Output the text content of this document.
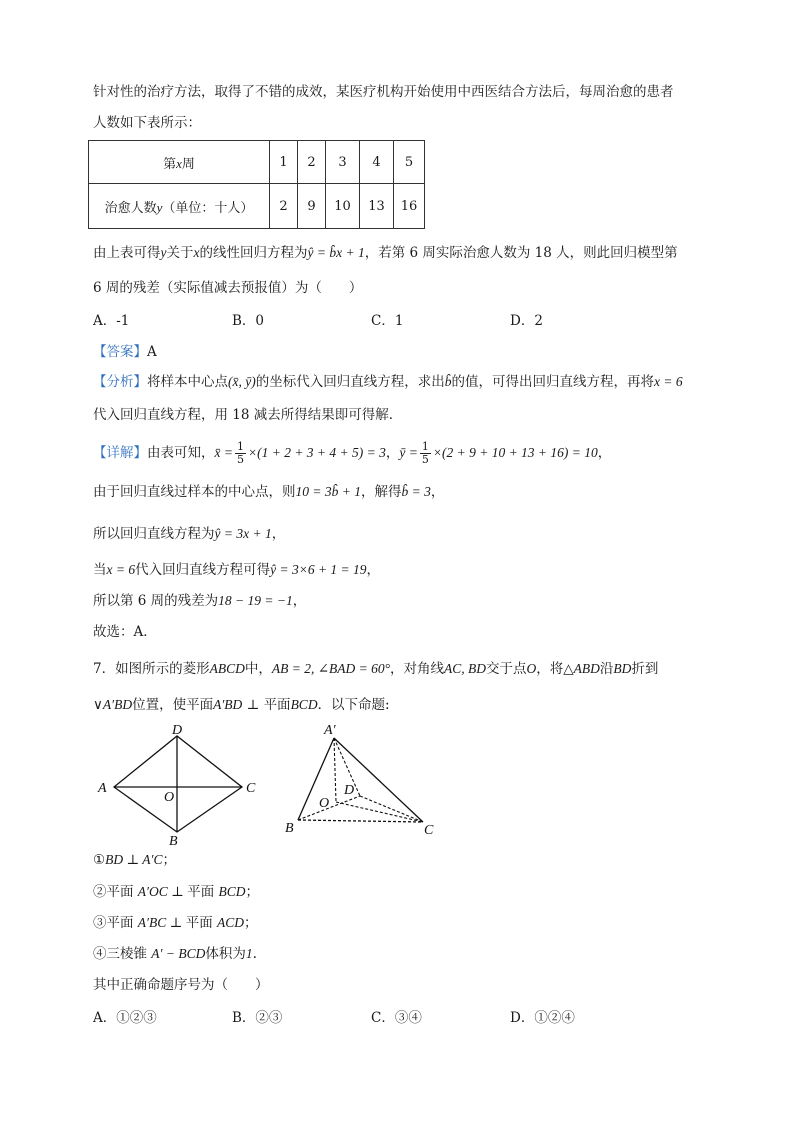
针对性的治疗方法，取得了不错的成效，某医疗机构开始使用中西医结合方法后，每周治愈的患者
人数如下表所示：
第x周	1	2	3	4	5
治愈人数y（单位：十人）	2	9	10	13	16
由上表可得y关于x的线性回归方程为ŷ = b̂x + 1，若第 6 周实际治愈人数为 18 人，则此回归模型第
6 周的残差（实际值减去预报值）为（　　）
A．-1	B．0	C．1	D．2
【答案】A
【分析】将样本中心点(x̄, ȳ)的坐标代入回归直线方程，求出b̂的值，可得出回归直线方程，再将x = 6
代入回归直线方程，用 18 减去所得结果即可得解．
【详解】由表可知，x̄ = $\frac{1}{5} \times(1 + 2 + 3 + 4 + 5) = 3$，ȳ = $\frac{1}{5} \times(2 + 9 + 10 + 13 + 16) = 10$，
由于回归直线过样本的中心点，则10 = 3b̂ + 1，解得b̂ = 3，
所以回归直线方程为ŷ = 3x + 1，
当x = 6代入回归直线方程可得ŷ = 3×6 + 1 = 19，
所以第 6 周的残差为18 − 19 = −1，
故选：A．
7．如图所示的菱形ABCD中，AB = 2, ∠BAD = 60°，对角线AC, BD交于点O，将△ABD沿BD折到
∨A′BD位置，使平面A′BD ⊥ 平面BCD．以下命题:
A
B
C
D
O
A′
B	C
D
O
①BD ⊥ A′C；
②平面 A′OC ⊥ 平面 BCD；
③平面 A′BC ⊥ 平面 ACD；
④三棱锥 A′ − BCD体积为1.
其中正确命题序号为（　　）
A．①②③	B．②③	C．③④	D．①②④
